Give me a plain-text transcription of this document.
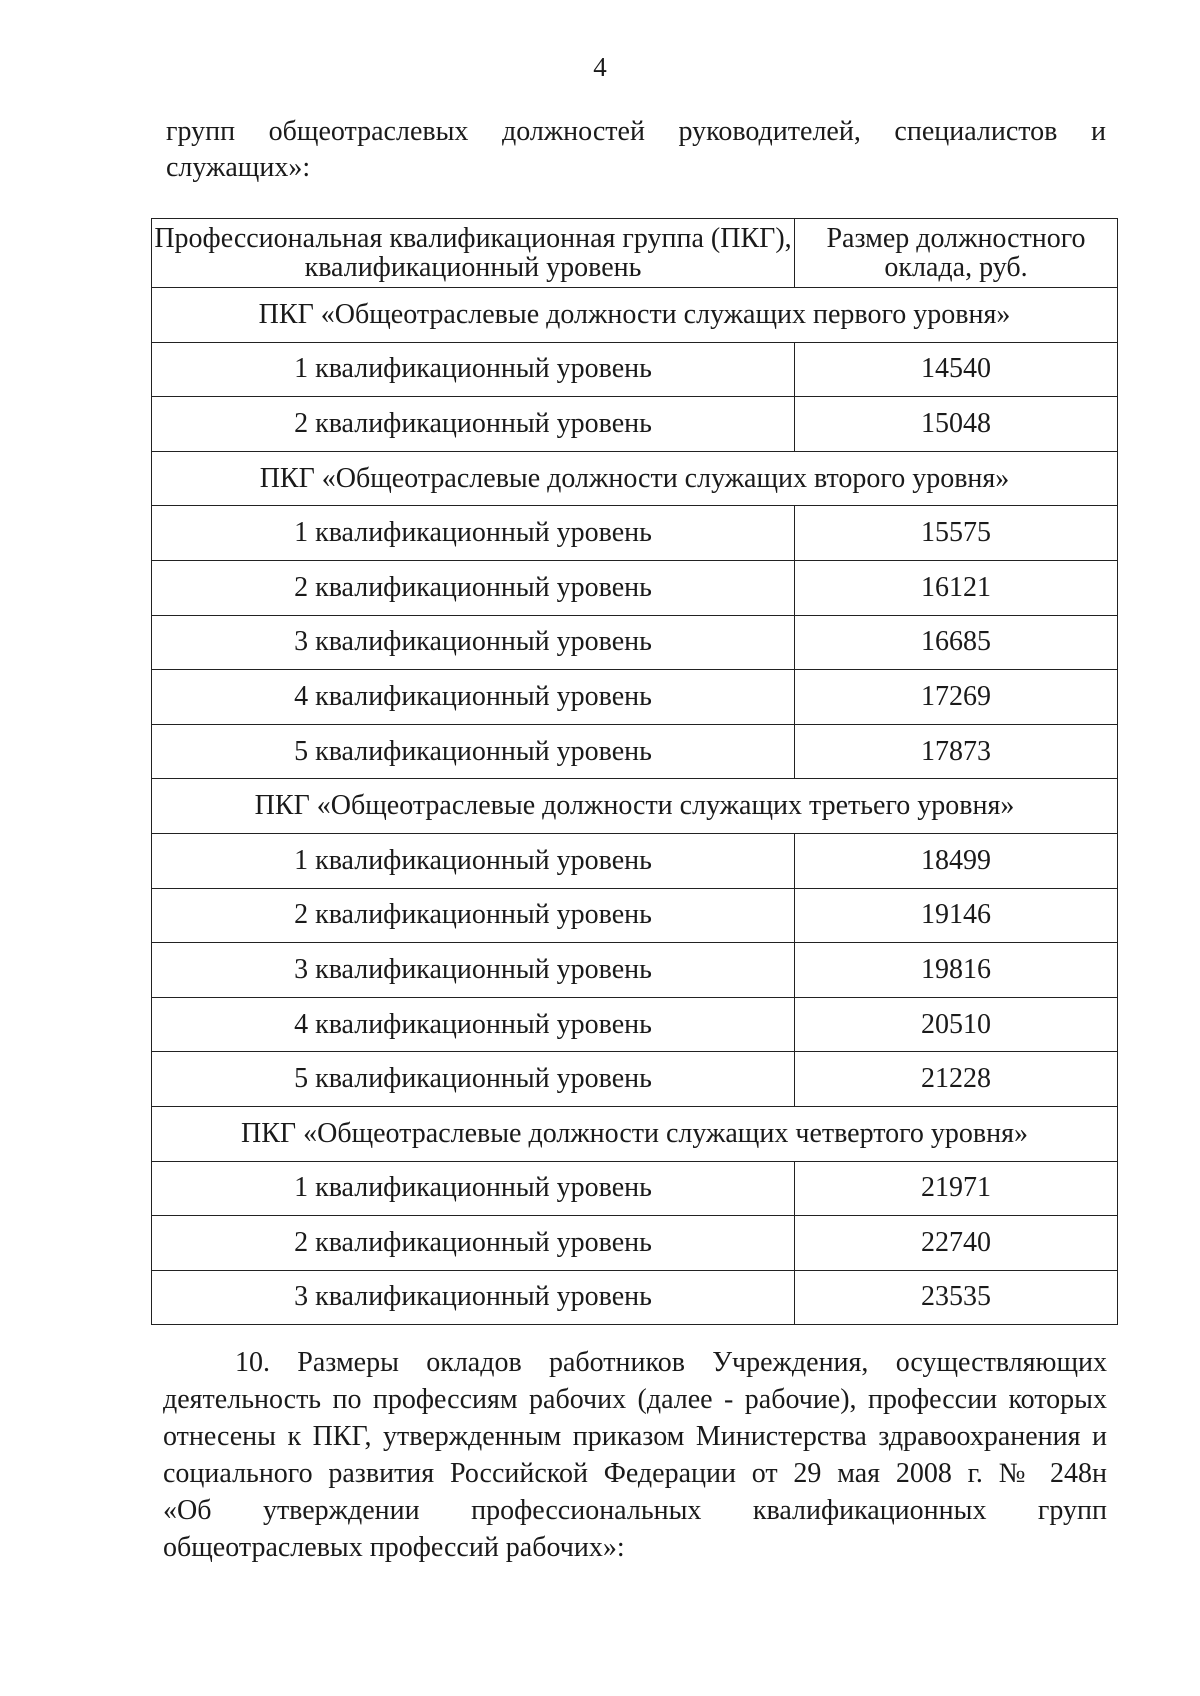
4
групп общеотраслевых должностей руководителей, специалистов и
служащих»:
Профессиональная квалификационная группа (ПКГ), квалификационный уровень	Размер должностного оклада, руб.
ПКГ «Общеотраслевые должности служащих первого уровня»	
1 квалификационный уровень	14540
2 квалификационный уровень	15048
ПКГ «Общеотраслевые должности служащих второго уровня»	
1 квалификационный уровень	15575
2 квалификационный уровень	16121
3 квалификационный уровень	16685
4 квалификационный уровень	17269
5 квалификационный уровень	17873
ПКГ «Общеотраслевые должности служащих третьего уровня»	
1 квалификационный уровень	18499
2 квалификационный уровень	19146
3 квалификационный уровень	19816
4 квалификационный уровень	20510
5 квалификационный уровень	21228
ПКГ «Общеотраслевые должности служащих четвертого уровня»	
1 квалификационный уровень	21971
2 квалификационный уровень	22740
3 квалификационный уровень	23535
10. Размеры окладов работников Учреждения, осуществляющих
деятельность по профессиям рабочих (далее - рабочие), профессии которых
отнесены к ПКГ, утвержденным приказом Министерства здравоохранения и
социального развития Российской Федерации от 29 мая 2008 г. № 248н
«Об утверждении профессиональных квалификационных групп
общеотраслевых профессий рабочих»:
